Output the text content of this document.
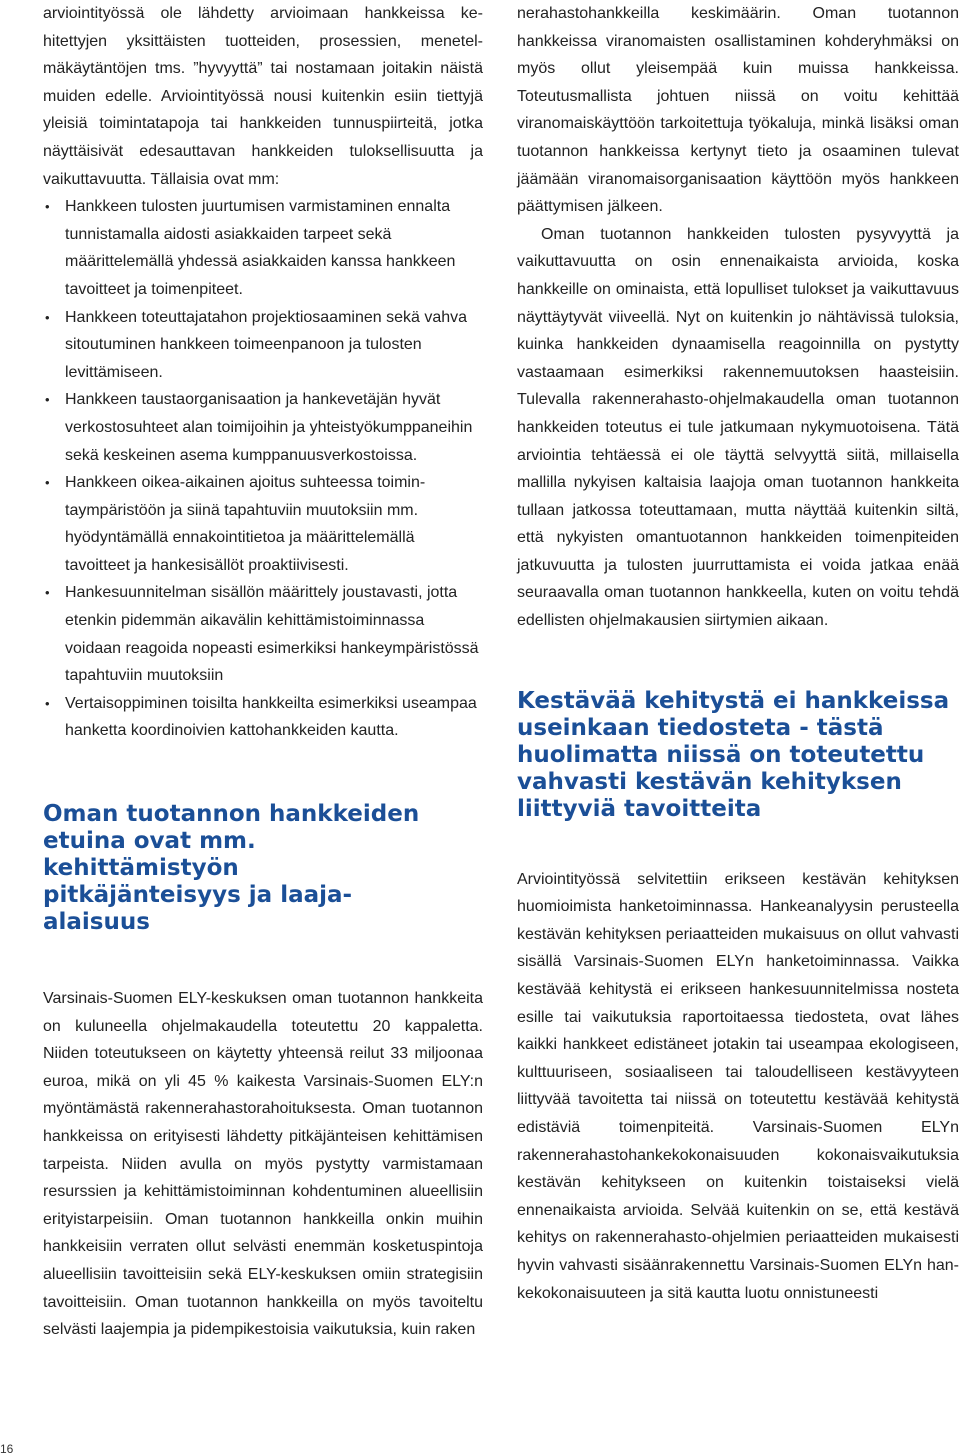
arviointityössä ole lähdetty arvioimaan hankkeissa kehitettyjen yksittäisten tuotteiden, prosessien, menetelmäkäytäntöjen tms. ”hyvyyttä” tai nostamaan joitakin näistä muiden edelle. Arviointityössä nousi kuitenkin esiin tiettyjä yleisiä toimintatapoja tai hankkeiden tunnuspiirteitä, jotka näyttäisivät edesauttavan hankkeiden tuloksellisuutta ja vaikuttavuutta. Tällaisia ovat mm:

• Hankkeen tulosten juurtumisen varmistaminen ennalta tunnistamalla aidosti asiakkaiden tarpeet sekä määrittelemällä yhdessä asiakkaiden kanssa hankkeen tavoitteet ja toimenpiteet.
• Hankkeen toteuttajatahon projektiosaaminen sekä vahva sitoutuminen hankkeen toimeenpanoon ja tulosten levittämiseen.
• Hankkeen taustaorganisaation ja hankevetäjän hyvät verkostosuhteet alan toimijoihin ja yhteistyökumppaneihin sekä keskeinen asema kumppanuusverkostoissa.
• Hankkeen oikea-aikainen ajoitus suhteessa toimintaympäristöön ja siinä tapahtuviin muutoksiin mm. hyödyntämällä ennakointitietoa ja määrittelemällä tavoitteet ja hankesisällöt proaktiivisesti.
• Hankesuunnitelman sisällön määrittely joustavasti, jotta etenkin pidemmän aikavälin kehittämistoiminnassa voidaan reagoida nopeasti esimerkiksi hankeympäristössä tapahtuviin muutoksiin
• Vertaisoppiminen toisilta hankkeilta esimerkiksi useampaa hanketta koordinoivien kattohankkeiden kautta.
Oman tuotannon hankkeiden etuina ovat mm. kehittämistyön pitkäjänteisyys ja laaja-alaisuus

Varsinais-Suomen ELY-keskuksen oman tuotannon hankkeita on kuluneella ohjelmakaudella toteutettu 20 kappaletta. Niiden toteutukseen on käytetty yhteensä reilut 33 miljoonaa euroa, mikä on yli 45 % kaikesta Varsinais-Suomen ELY:n myöntämästä rakennerahastorahoituksesta. Oman tuotannon hankkeissa on erityisesti lähdetty pitkäjänteisen kehittämisen tarpeista. Niiden avulla on myös pystytty varmistamaan resurssien ja kehittämistoiminnan kohdentuminen alueellisiin erityistarpeisiin. Oman tuotannon hankkeilla onkin muihin hankkeisiin verraten ollut selvästi enemmän kosketuspintoja alueellisiin tavoitteisiin sekä ELY-keskuksen omiin strategisiin tavoitteisiin. Oman tuotannon hankkeilla on myös tavoiteltu selvästi laajempia ja pidempikestoisia vaikutuksia, kuin raken

nerahastohankkeilla keskimäärin. Oman tuotannon hankkeissa viranomaisten osallistaminen kohderyhmäksi on myös ollut yleisempää kuin muissa hankkeissa. Toteutusmallista johtuen niissä on voitu kehittää viranomaiskäyttöön tarkoitettuja työkaluja, minkä lisäksi oman tuotannon hankkeissa kertynyt tieto ja osaaminen tulevat jäämään viranomaisorganisaation käyttöön myös hankkeen päättymisen jälkeen.

Oman tuotannon hankkeiden tulosten pysyvyyttä ja vaikuttavuutta on osin ennenaikaista arvioida, koska hankkeille on ominaista, että lopulliset tulokset ja vaikuttavuus näyttäytyvät viiveellä. Nyt on kuitenkin jo nähtävissä tuloksia, kuinka hankkeiden dynaamisella reagoinnilla on pystytty vastaamaan esimerkiksi rakennemuutoksen haasteisiin. Tulevalla rakennerahasto-ohjelmakaudella oman tuotannon hankkeiden toteutus ei tule jatkumaan nykymuotoisena. Tätä arviointia tehtäessä ei ole täyttä selvyyttä siitä, millaisella mallilla nykyisen kaltaisia laajoja oman tuotannon hankkeita tullaan jatkossa toteuttamaan, mutta näyttää kuitenkin siltä, että nykyisten omantuotannon hankkeiden toimenpiteiden jatkuvuutta ja tulosten juurruttamista ei voida jatkaa enää seuraavalla oman tuotannon hankkeella, kuten on voitu tehdä edellisten ohjelmakausien siirtymien aikaan.

Kestävää kehitystä ei hankkeissa useinkaan tiedosteta - tästä huolimatta niissä on toteutettu vahvasti kestävän kehityksen liittyviä tavoitteita

Arviointityössä selvitettiin erikseen kestävän kehityksen huomioimista hanketoiminnassa. Hankeanalyysin perusteella kestävän kehityksen periaatteiden mukaisuus on ollut vahvasti sisällä Varsinais-Suomen ELYn hanketoiminnassa. Vaikka kestävää kehitystä ei erikseen hankesuunnitelmissa nosteta esille tai vaikutuksia raportoitaessa tiedosteta, ovat lähes kaikki hankkeet edistäneet jotakin tai useampaa ekologiseen, kulttuuriseen, sosiaaliseen tai taloudelliseen kestävyyteen liittyvää tavoitetta tai niissä on toteutettu kestävää kehitystä edistäviä toimenpiteitä. Varsinais-Suomen ELYn rakennerahastohankekokonaisuuden kokonaisvaikutuksia kestävän kehitykseen on kuitenkin toistaiseksi vielä ennenaikaista arvioida. Selvää kuitenkin on se, että kestävä kehitys on rakennerahasto-ohjelmien periaatteiden mukaisesti hyvin vahvasti sisäänrakennettu Varsinais-Suomen ELYn hankekokonaisuuteen ja sitä kautta luotu onnistuneesti

16
